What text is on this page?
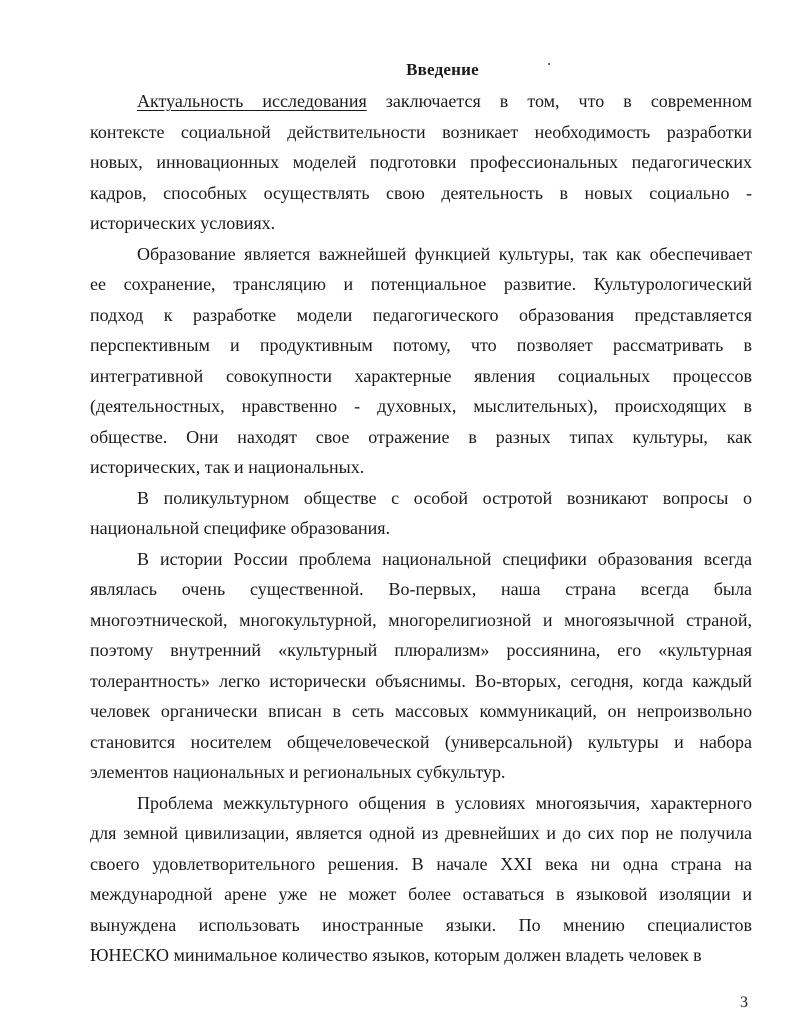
Введение
Актуальность исследования заключается в том, что в современном
контексте социальной действительности возникает необходимость разработки
новых, инновационных моделей подготовки профессиональных педагогических
кадров, способных осуществлять свою деятельность в новых социально -
исторических условиях.
Образование является важнейшей функцией культуры, так как обеспечивает
ее сохранение, трансляцию и потенциальное развитие. Культурологический
подход к разработке модели педагогического образования представляется
перспективным и продуктивным потому, что позволяет рассматривать в
интегративной совокупности характерные явления социальных процессов
(деятельностных, нравственно - духовных, мыслительных), происходящих в
обществе. Они находят свое отражение в разных типах культуры, как
исторических, так и национальных.
В поликультурном обществе с особой остротой возникают вопросы о
национальной специфике образования.
В истории России проблема национальной специфики образования всегда
являлась очень существенной. Во-первых, наша страна всегда была
многоэтнической, многокультурной, многорелигиозной и многоязычной страной,
поэтому внутренний «культурный плюрализм» россиянина, его «культурная
толерантность» легко исторически объяснимы. Во-вторых, сегодня, когда каждый
человек органически вписан в сеть массовых коммуникаций, он непроизвольно
становится носителем общечеловеческой (универсальной) культуры и набора
элементов национальных и региональных субкультур.
Проблема межкультурного общения в условиях многоязычия, характерного
для земной цивилизации, является одной из древнейших и до сих пор не получила
своего удовлетворительного решения. В начале XXI века ни одна страна на
международной арене уже не может более оставаться в языковой изоляции и
вынуждена использовать иностранные языки. По мнению специалистов
ЮНЕСКО минимальное количество языков, которым должен владеть человек в
3
